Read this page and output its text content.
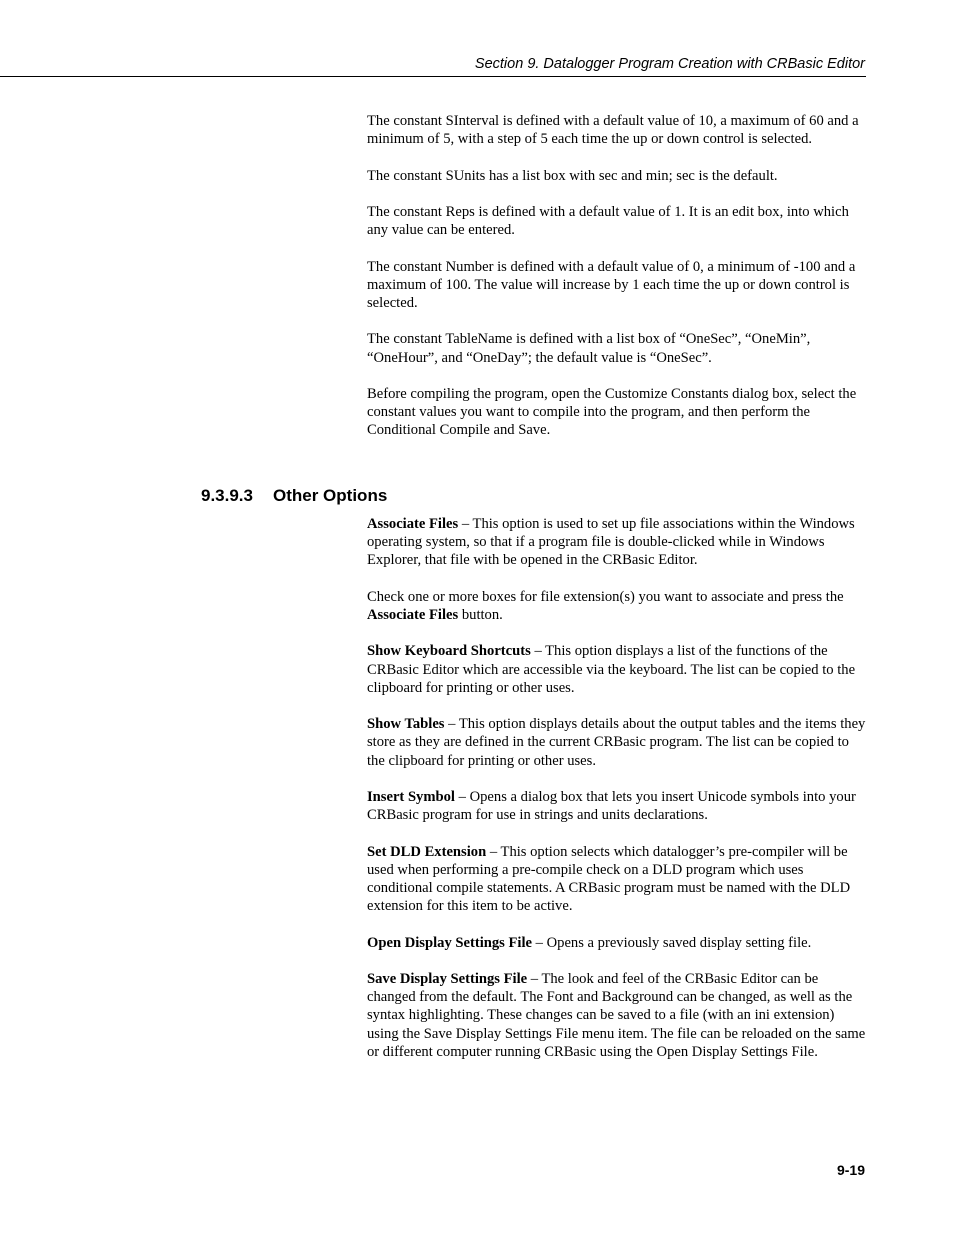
Section 9. Datalogger Program Creation with CRBasic Editor

The constant SInterval is defined with a default value of 10, a maximum of 60 and a minimum of 5, with a step of 5 each time the up or down control is selected.

The constant SUnits has a list box with sec and min; sec is the default.

The constant Reps is defined with a default value of 1. It is an edit box, into which any value can be entered.

The constant Number is defined with a default value of 0, a minimum of -100 and a maximum of 100. The value will increase by 1 each time the up or down control is selected.

The constant TableName is defined with a list box of “OneSec”, “OneMin”, “OneHour”, and “OneDay”; the default value is “OneSec”.

Before compiling the program, open the Customize Constants dialog box, select the constant values you want to compile into the program, and then perform the Conditional Compile and Save.

9.3.9.3 Other Options

Associate Files – This option is used to set up file associations within the Windows operating system, so that if a program file is double-clicked while in Windows Explorer, that file with be opened in the CRBasic Editor.

Check one or more boxes for file extension(s) you want to associate and press the Associate Files button.

Show Keyboard Shortcuts – This option displays a list of the functions of the CRBasic Editor which are accessible via the keyboard. The list can be copied to the clipboard for printing or other uses.

Show Tables – This option displays details about the output tables and the items they store as they are defined in the current CRBasic program. The list can be copied to the clipboard for printing or other uses.

Insert Symbol – Opens a dialog box that lets you insert Unicode symbols into your CRBasic program for use in strings and units declarations.

Set DLD Extension – This option selects which datalogger’s pre-compiler will be used when performing a pre-compile check on a DLD program which uses conditional compile statements. A CRBasic program must be named with the DLD extension for this item to be active.

Open Display Settings File – Opens a previously saved display setting file.

Save Display Settings File – The look and feel of the CRBasic Editor can be changed from the default. The Font and Background can be changed, as well as the syntax highlighting. These changes can be saved to a file (with an ini extension) using the Save Display Settings File menu item. The file can be reloaded on the same or different computer running CRBasic using the Open Display Settings File.

9-19
